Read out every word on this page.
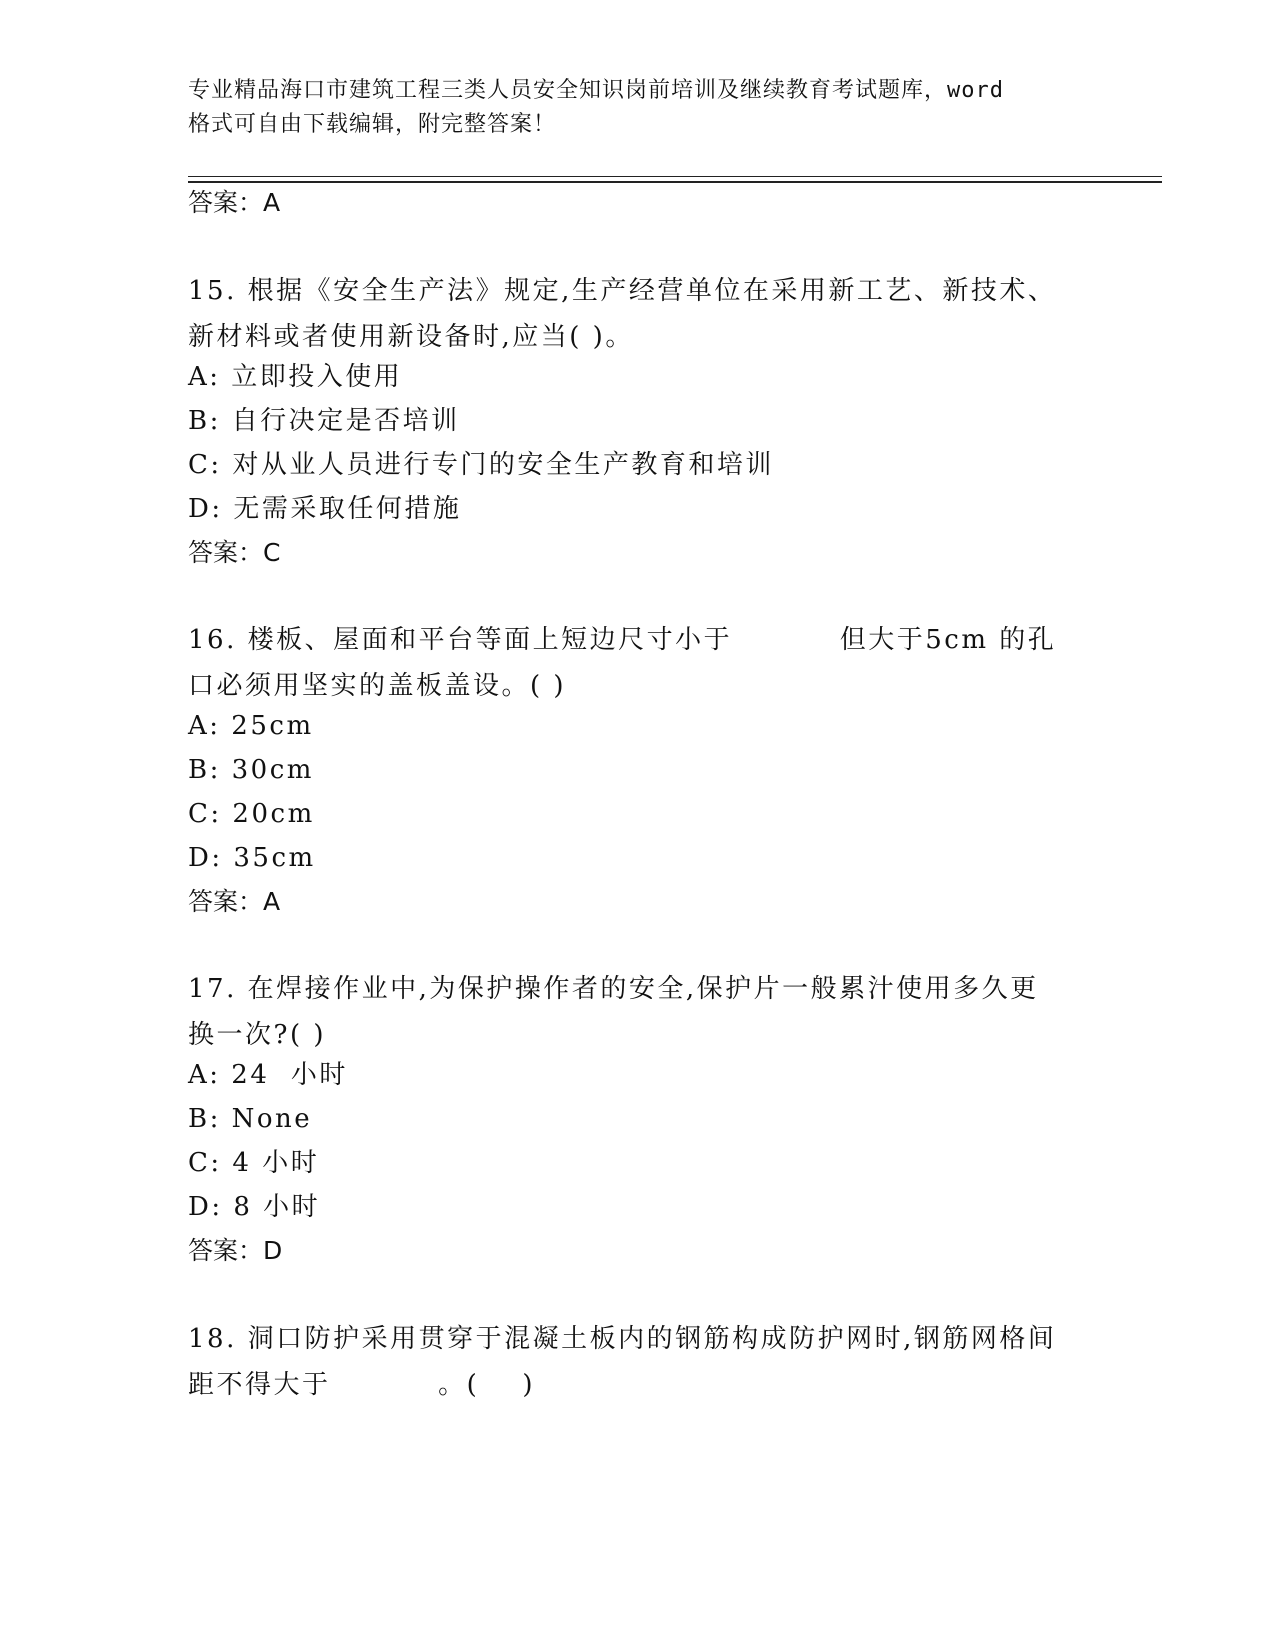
专业精品海口市建筑工程三类人员安全知识岗前培训及继续教育考试题库，word
格式可自由下载编辑，附完整答案！
答案：A
15. 根据《安全生产法》规定,生产经营单位在采用新工艺、新技术、
新材料或者使用新设备时,应当( )。
A: 立即投入使用
B: 自行决定是否培训
C: 对从业人员进行专门的安全生产教育和培训
D: 无需采取任何措施
答案：C
16. 楼板、屋面和平台等面上短边尺寸小于          但大于5cm 的孔
口必须用坚实的盖板盖设。( )
A: 25cm
B: 30cm
C: 20cm
D: 35cm
答案：A
17. 在焊接作业中,为保护操作者的安全,保护片一般累汁使用多久更
换一次?( )
A: 24  小时
B: None
C: 4 小时
D: 8 小时
答案：D
18. 洞口防护采用贯穿于混凝土板内的钢筋构成防护网时,钢筋网格间
距不得大于          。(    )
